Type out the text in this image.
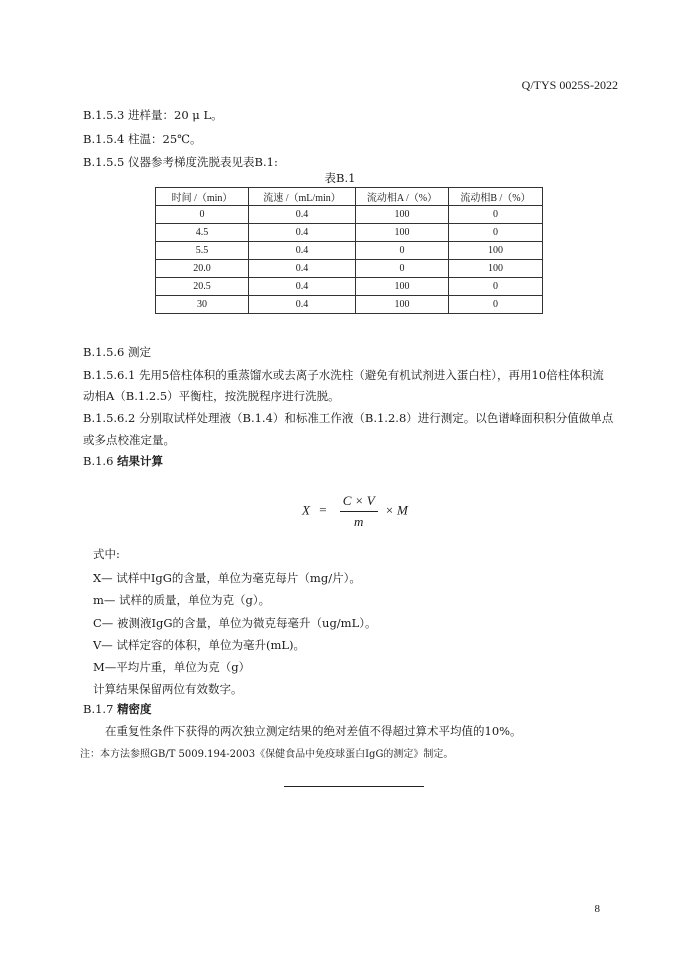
Q/TYS 0025S-2022
B.1.5.3 进样量：20 μ L。
B.1.5.4 柱温：25℃。
B.1.5.5 仪器参考梯度洗脱表见表B.1:
表B.1
时间 /（min）	流速 /（mL/min）	流动相A /（%）	流动相B /（%）
0	0.4	100	0
4.5	0.4	100	0
5.5	0.4	0	100
20.0	0.4	0	100
20.5	0.4	100	0
30	0.4	100	0
B.1.5.6 测定
B.1.5.6.1 先用5倍柱体积的重蒸馏水或去离子水洗柱（避免有机试剂进入蛋白柱），再用10倍柱体积流
动相A（B.1.2.5）平衡柱，按洗脱程序进行洗脱。
B.1.5.6.2 分别取试样处理液（B.1.4）和标准工作液（B.1.2.8）进行测定。以色谱峰面积积分值做单点
或多点校准定量。
B.1.6 结果计算
$X = \frac{C \times V}{m} \times M$
式中:
X— 试样中IgG的含量，单位为毫克每片（mg/片）。
m— 试样的质量，单位为克（g）。
C— 被测液IgG的含量，单位为微克每毫升（ug/mL）。
V— 试样定容的体积，单位为毫升(mL)。
M—平均片重，单位为克（g）
计算结果保留两位有效数字。
B.1.7 精密度
在重复性条件下获得的两次独立测定结果的绝对差值不得超过算术平均值的10%。
注：本方法参照GB/T 5009.194-2003《保健食品中免疫球蛋白IgG的测定》制定。
8
